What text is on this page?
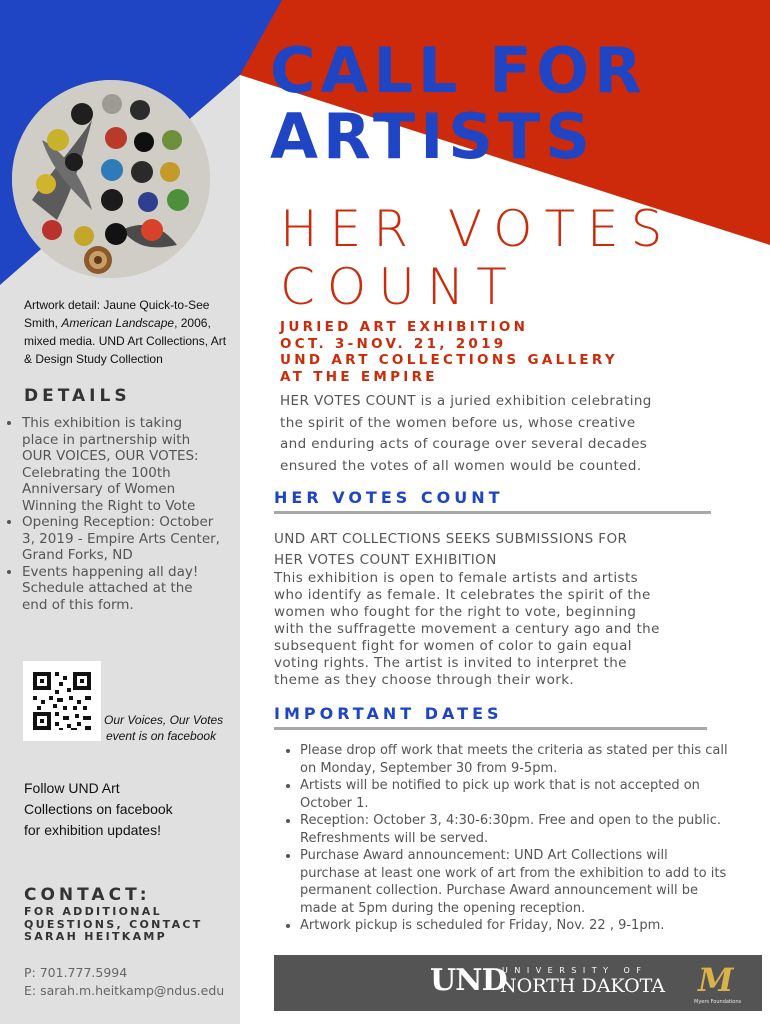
Artwork detail: Jaune Quick-to-See Smith, American Landscape, 2006, mixed media. UND Art Collections, Art & Design Study Collection
DETAILS
• This exhibition is taking place in partnership with OUR VOICES, OUR VOTES: Celebrating the 100th Anniversary of Women Winning the Right to Vote
• Opening Reception: October 3, 2019 - Empire Arts Center, Grand Forks, ND
• Events happening all day! Schedule attached at the end of this form.
Our Voices, Our Votes
event is on facebook
Follow UND Art
Collections on facebook
for exhibition updates!
CONTACT:
FOR ADDITIONAL
QUESTIONS, CONTACT
SARAH HEITKAMP
P: 701.777.5994
E: sarah.m.heitkamp@ndus.edu
CALL FOR
ARTISTS
HER VOTES
COUNT
JURIED ART EXHIBITION
OCT. 3-NOV. 21, 2019
UND ART COLLECTIONS GALLERY
AT THE EMPIRE
HER VOTES COUNT is a juried exhibition celebrating
the spirit of the women before us, whose creative
and enduring acts of courage over several decades
ensured the votes of all women would be counted.
HER VOTES COUNT
UND ART COLLECTIONS SEEKS SUBMISSIONS FOR
HER VOTES COUNT EXHIBITION
This exhibition is open to female artists and artists
who identify as female. It celebrates the spirit of the
women who fought for the right to vote, beginning
with the suffragette movement a century ago and the
subsequent fight for women of color to gain equal
voting rights. The artist is invited to interpret the
theme as they choose through their work.
IMPORTANT DATES
• Please drop off work that meets the criteria as stated per this call on Monday, September 30 from 9-5pm.
• Artists will be notified to pick up work that is not accepted on October 1.
• Reception: October 3, 4:30-6:30pm. Free and open to the public. Refreshments will be served.
• Purchase Award announcement: UND Art Collections will purchase at least one work of art from the exhibition to add to its permanent collection. Purchase Award announcement will be made at 5pm during the opening reception.
• Artwork pickup is scheduled for Friday, Nov. 22 , 9-1pm.
UND
UNIVERSITY OF
NORTH DAKOTA M
Myers Foundations
